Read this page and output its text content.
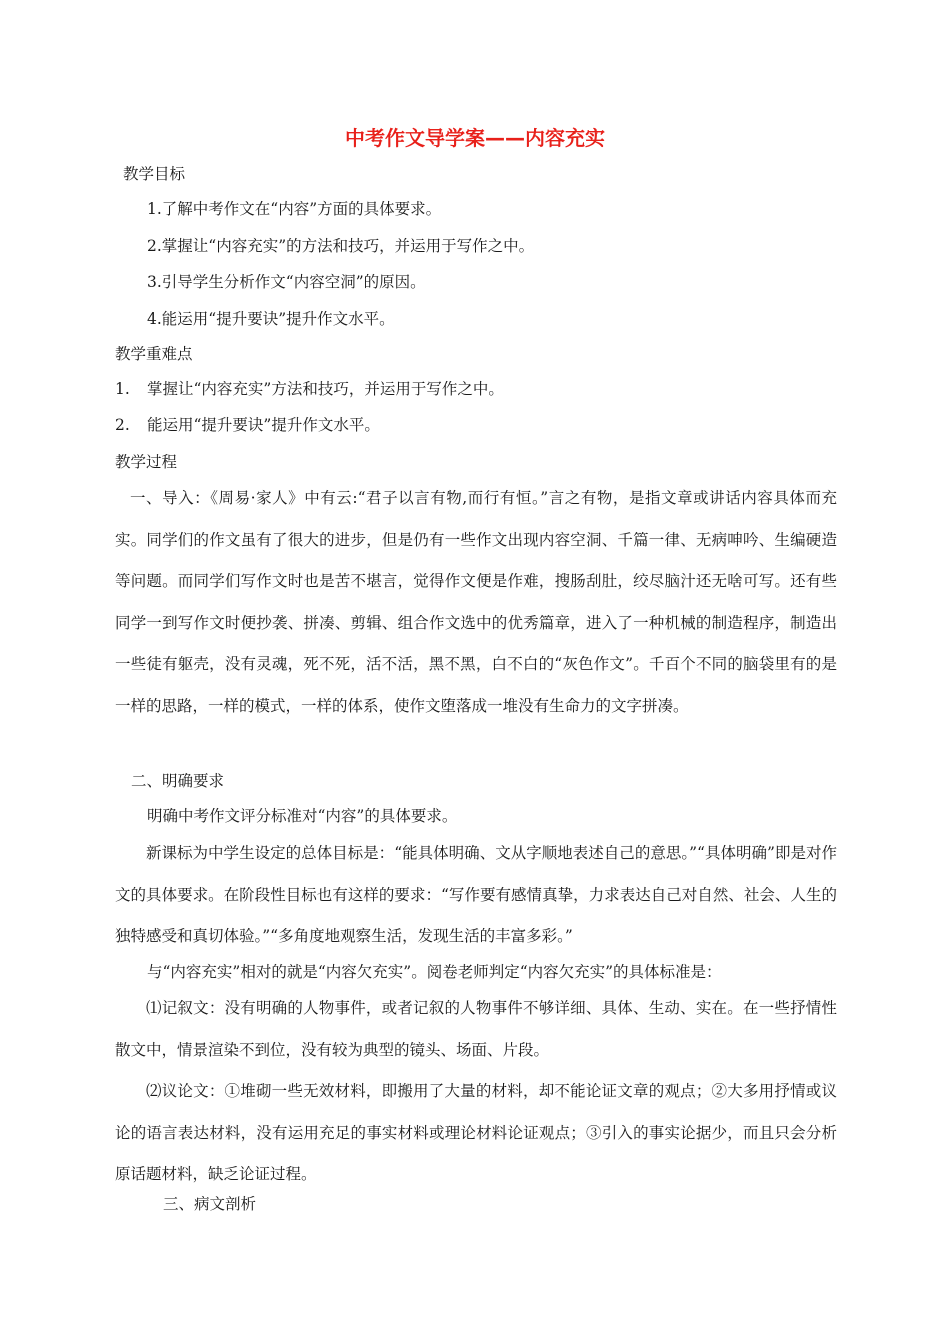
中考作文导学案——内容充实
教学目标
1.了解中考作文在“内容”方面的具体要求。
2.掌握让“内容充实”的方法和技巧，并运用于写作之中。
3.引导学生分析作文“内容空洞”的原因。
4.能运用“提升要诀”提升作文水平。
教学重难点
1. 掌握让“内容充实”方法和技巧，并运用于写作之中。
2. 能运用“提升要诀”提升作文水平。
教学过程
一、导入：《周易·家人》中有云:“君子以言有物,而行有恒。”言之有物，是指文章或讲话内容具体而充实。同学们的作文虽有了很大的进步，但是仍有一些作文出现内容空洞、千篇一律、无病呻吟、生编硬造等问题。而同学们写作文时也是苦不堪言，觉得作文便是作难，搜肠刮肚，绞尽脑汁还无啥可写。还有些同学一到写作文时便抄袭、拼凑、剪辑、组合作文选中的优秀篇章，进入了一种机械的制造程序，制造出一些徒有躯壳，没有灵魂，死不死，活不活，黑不黑，白不白的“灰色作文”。千百个不同的脑袋里有的是一样的思路，一样的模式，一样的体系，使作文堕落成一堆没有生命力的文字拼凑。
二、明确要求
明确中考作文评分标准对“内容”的具体要求。
新课标为中学生设定的总体目标是：“能具体明确、文从字顺地表述自己的意思。”“具体明确”即是对作文的具体要求。在阶段性目标也有这样的要求：“写作要有感情真挚，力求表达自己对自然、社会、人生的独特感受和真切体验。”“多角度地观察生活，发现生活的丰富多彩。”
与“内容充实”相对的就是“内容欠充实”。阅卷老师判定“内容欠充实”的具体标准是：
⑴记叙文：没有明确的人物事件，或者记叙的人物事件不够详细、具体、生动、实在。在一些抒情性散文中，情景渲染不到位，没有较为典型的镜头、场面、片段。
⑵议论文：①堆砌一些无效材料，即搬用了大量的材料，却不能论证文章的观点；②大多用抒情或议论的语言表达材料，没有运用充足的事实材料或理论材料论证观点；③引入的事实论据少，而且只会分析原话题材料，缺乏论证过程。
三、病文剖析
